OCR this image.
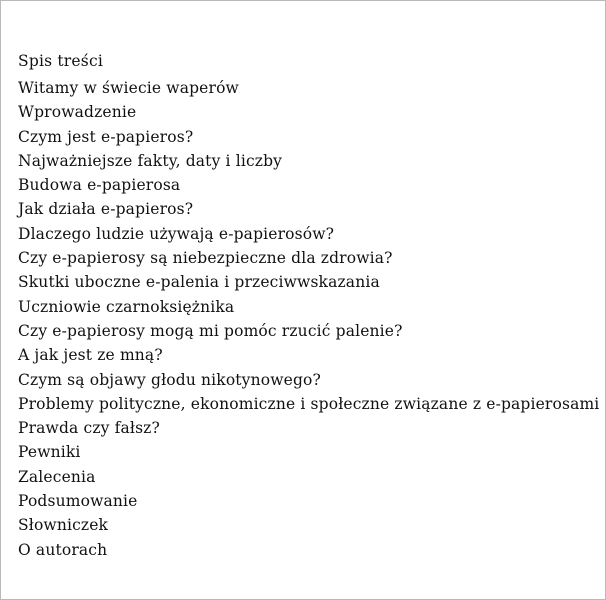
Spis treści
Witamy w świecie waperów
Wprowadzenie
Czym jest e-papieros?
Najważniejsze fakty, daty i liczby
Budowa e-papierosa
Jak działa e-papieros?
Dlaczego ludzie używają e-papierosów?
Czy e-papierosy są niebezpieczne dla zdrowia?
Skutki uboczne e-palenia i przeciwwskazania
Uczniowie czarnoksiężnika
Czy e-papierosy mogą mi pomóc rzucić palenie?
A jak jest ze mną?
Czym są objawy głodu nikotynowego?
Problemy polityczne, ekonomiczne i społeczne związane z e-papierosami
Prawda czy fałsz?
Pewniki
Zalecenia
Podsumowanie
Słowniczek
O autorach
